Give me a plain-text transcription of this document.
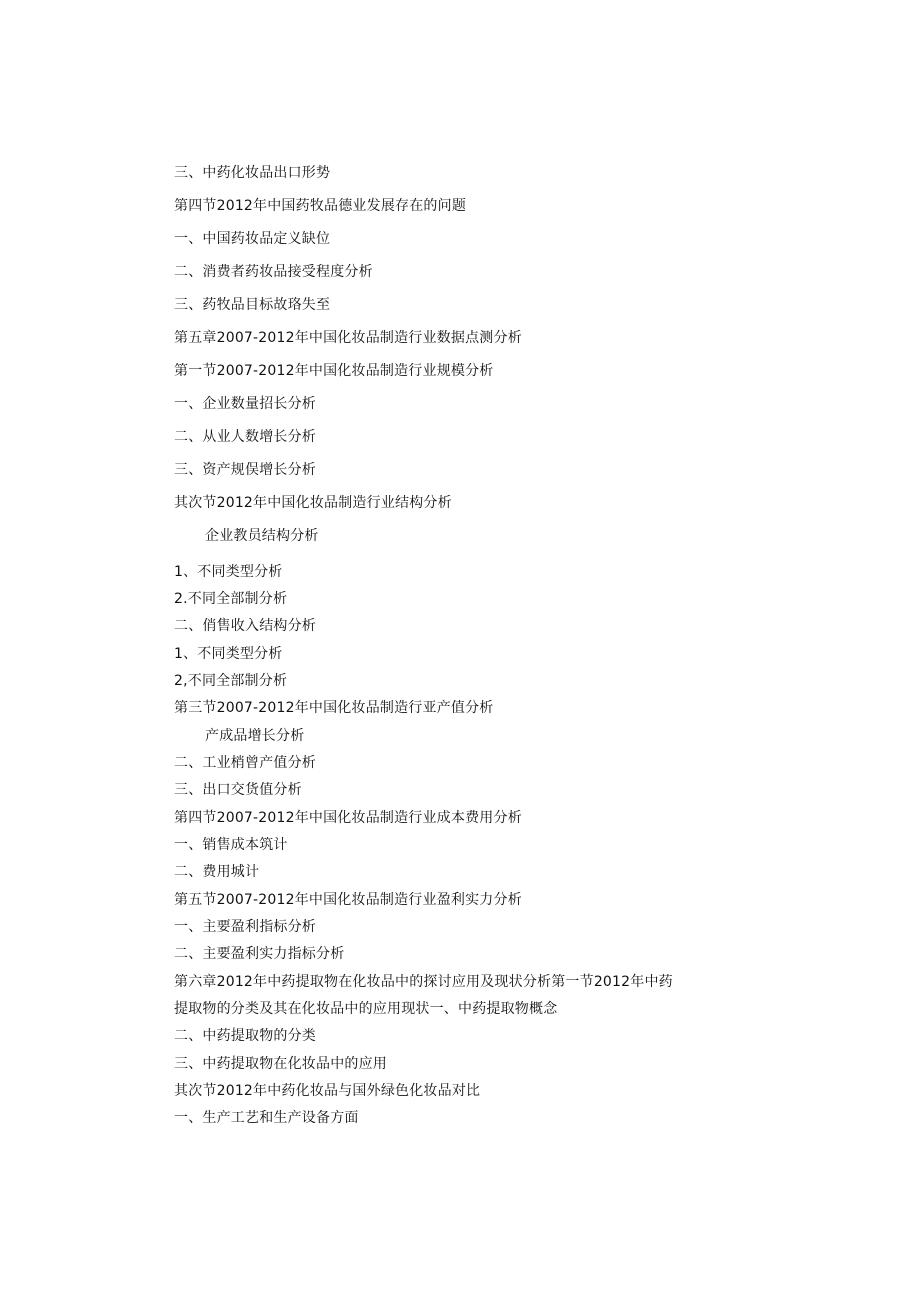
三、中药化妆品出口形势
第四节2012年中国药牧品德业发展存在的问题
一、中国药妆品定义缺位
二、消费者药妆品接受程度分析
三、药牧品目标故珞失至
第五章2007-2012年中国化妆品制造行业数据点测分析
第一节2007-2012年中国化妆品制造行业规模分析
一、企业数量招长分析
二、从业人数增长分析
三、资产规俣增长分析
其次节2012年中国化妆品制造行业结构分析
企业教员结构分析
1、不同类型分析
2.不同全部制分析
二、俏售收入结构分析
1、不同类型分析
2,不同全部制分析
第三节2007-2012年中国化妆品制造行亚产值分析
产成品增长分析
二、工业梢曾产值分析
三、出口交货值分析
第四节2007-2012年中国化妆品制造行业成本费用分析
一、销售成本筑计
二、费用城计
第五节2007-2012年中国化妆品制造行业盈利实力分析
一、主要盈利指标分析
二、主要盈利实力指标分析
第六章2012年中药提取物在化妆品中的探讨应用及现状分析第一节2012年中药
提取物的分类及其在化妆品中的应用现状一、中药提取物概念
二、中药提取物的分类
三、中药提取物在化妆品中的应用
其次节2012年中药化妆品与国外绿色化妆品对比
一、生产工艺和生产设备方面
